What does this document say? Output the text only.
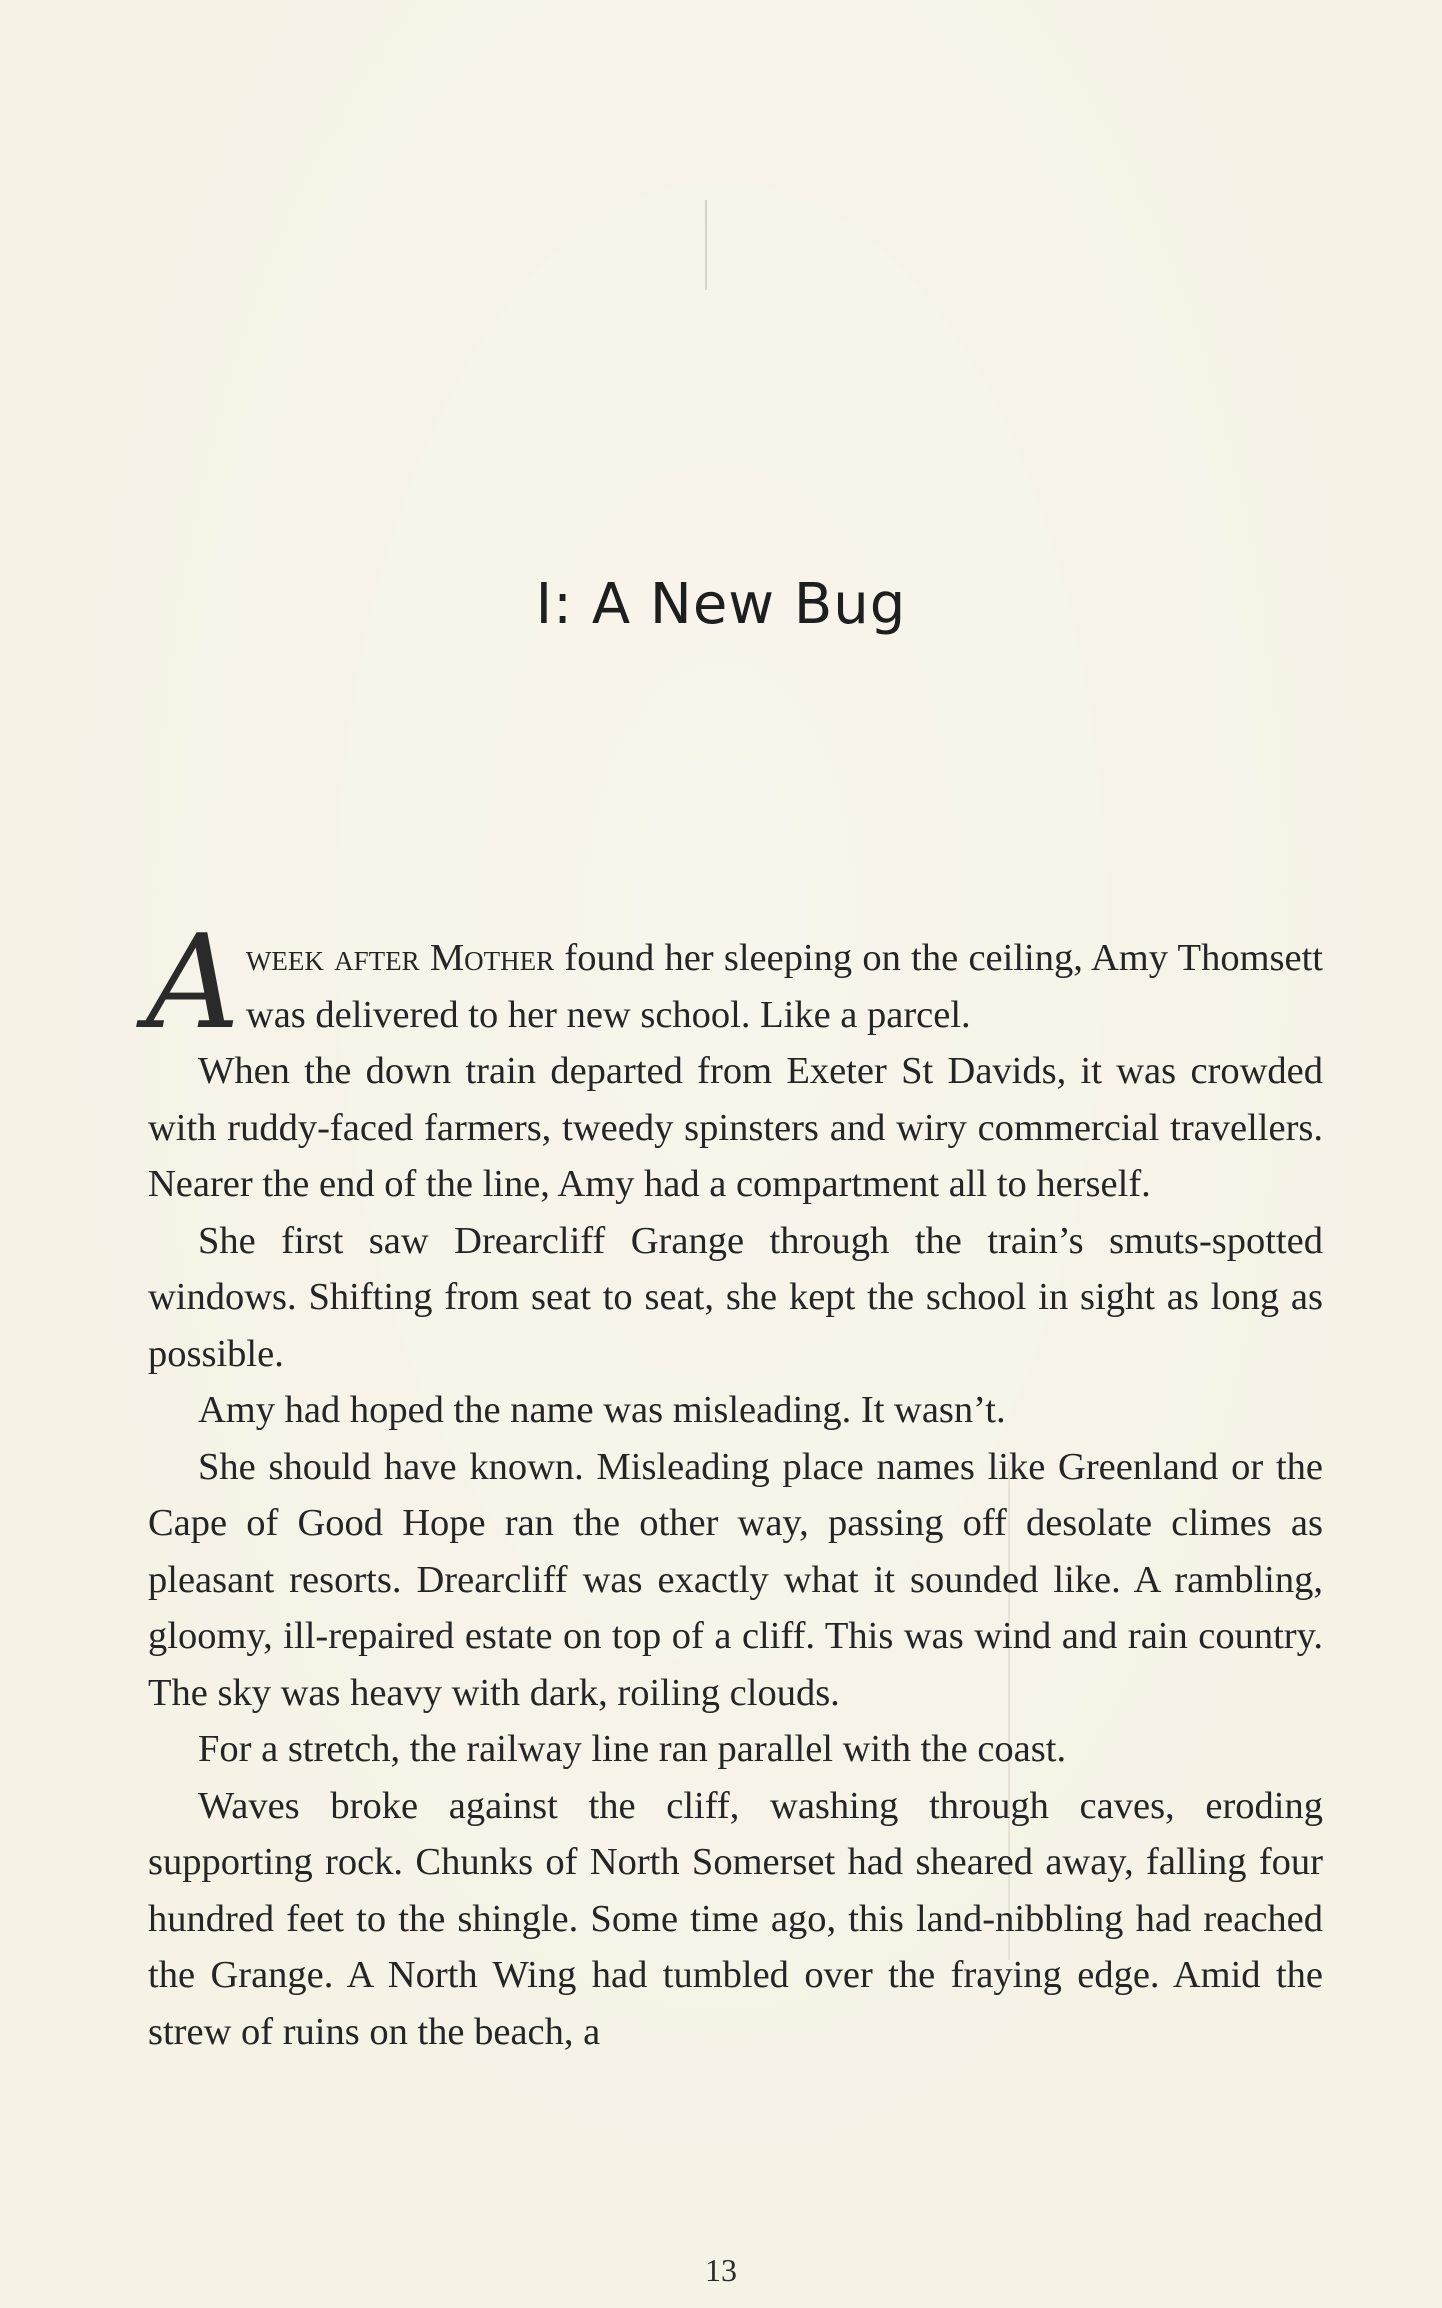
I: A New Bug

Aweek after Mother found her sleeping on the ceiling, Amy Thomsett was delivered to her new school. Like a parcel.

When the down train departed from Exeter St Davids, it was crowded with ruddy-faced farmers, tweedy spinsters and wiry commercial travellers. Nearer the end of the line, Amy had a compartment all to herself.

She first saw Drearcliff Grange through the train’s smuts-spotted windows. Shifting from seat to seat, she kept the school in sight as long as possible.

Amy had hoped the name was misleading. It wasn’t.

She should have known. Misleading place names like Greenland or the Cape of Good Hope ran the other way, passing off desolate climes as pleasant resorts. Drearcliff was exactly what it sounded like. A rambling, gloomy, ill-repaired estate on top of a cliff. This was wind and rain country. The sky was heavy with dark, roiling clouds.

For a stretch, the railway line ran parallel with the coast.

Waves broke against the cliff, washing through caves, eroding supporting rock. Chunks of North Somerset had sheared away, falling four hundred feet to the shingle. Some time ago, this land-nibbling had reached the Grange. A North Wing had tumbled over the fraying edge. Amid the strew of ruins on the beach, a

13
